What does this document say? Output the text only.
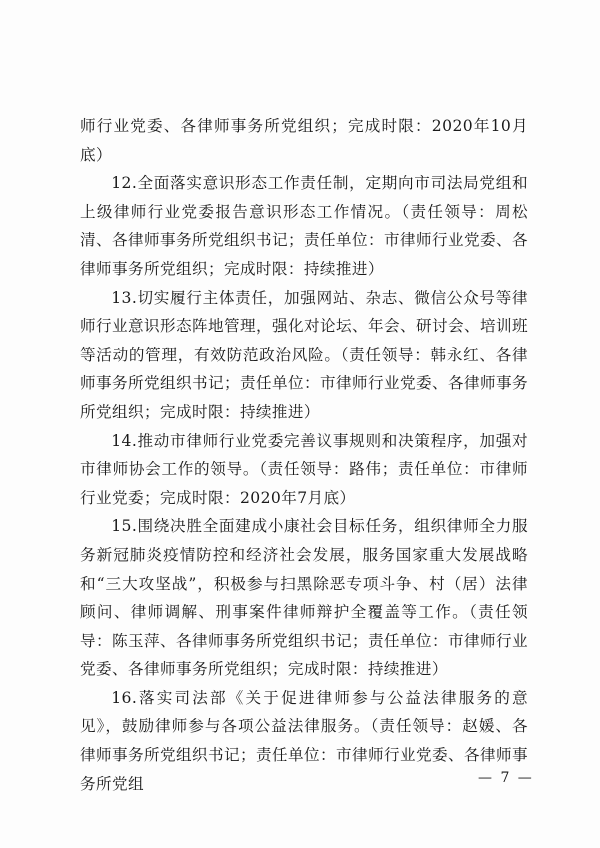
师行业党委、各律师事务所党组织；完成时限：2020年10月底）

12.全面落实意识形态工作责任制，定期向市司法局党组和上级律师行业党委报告意识形态工作情况。（责任领导：周松清、各律师事务所党组织书记；责任单位：市律师行业党委、各律师事务所党组织；完成时限：持续推进）

13.切实履行主体责任，加强网站、杂志、微信公众号等律师行业意识形态阵地管理，强化对论坛、年会、研讨会、培训班等活动的管理，有效防范政治风险。（责任领导：韩永红、各律师事务所党组织书记；责任单位：市律师行业党委、各律师事务所党组织；完成时限：持续推进）

14.推动市律师行业党委完善议事规则和决策程序，加强对市律师协会工作的领导。（责任领导：路伟；责任单位：市律师行业党委；完成时限：2020年7月底）

15.围绕决胜全面建成小康社会目标任务，组织律师全力服务新冠肺炎疫情防控和经济社会发展，服务国家重大发展战略和“三大攻坚战”，积极参与扫黑除恶专项斗争、村（居）法律顾问、律师调解、刑事案件律师辩护全覆盖等工作。（责任领导：陈玉萍、各律师事务所党组织书记；责任单位：市律师行业党委、各律师事务所党组织；完成时限：持续推进）

16.落实司法部《关于促进律师参与公益法律服务的意见》，鼓励律师参与各项公益法律服务。（责任领导：赵媛、各律师事务所党组织书记；责任单位：市律师行业党委、各律师事务所党组	— 7 —
